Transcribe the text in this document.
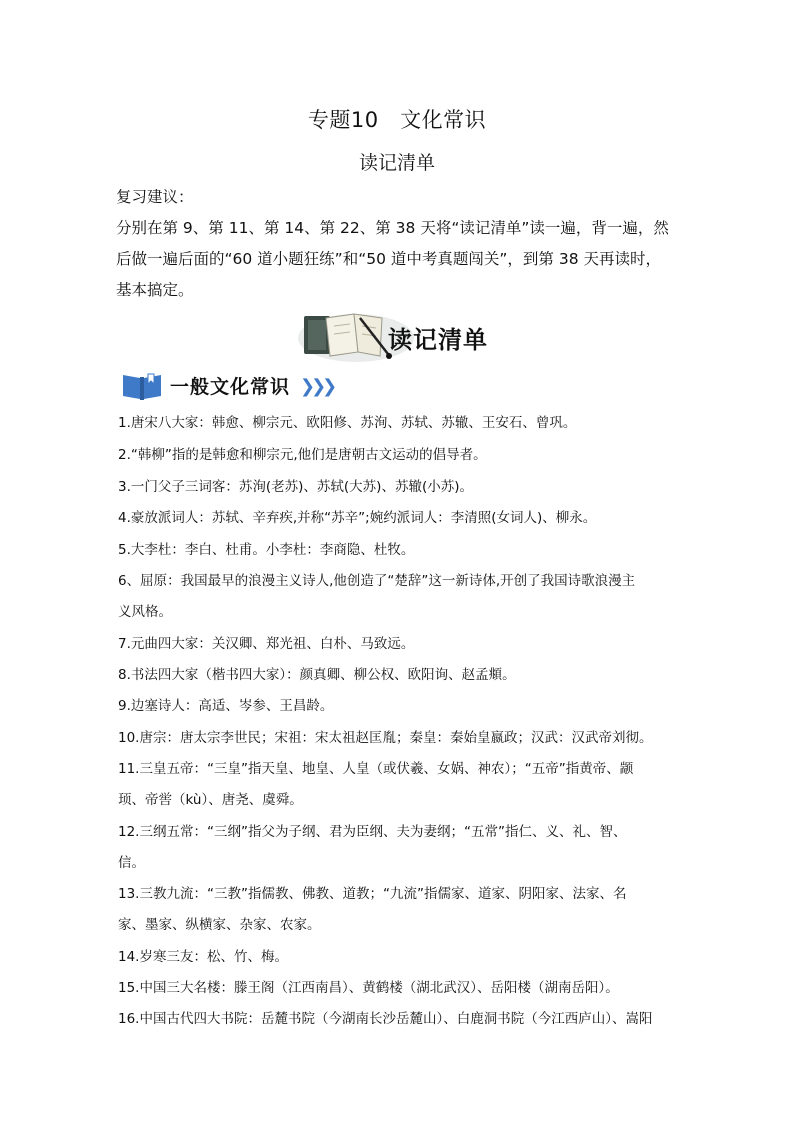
专题10　文化常识
读记清单
复习建议：
分别在第 9、第 11、第 14、第 22、第 38 天将“读记清单”读一遍，背一遍，然
后做一遍后面的“60 道小题狂练”和“50 道中考真题闯关”，到第 38 天再读时，
基本搞定。
读记清单
一般文化常识 ❯❯❯
1.唐宋八大家：韩愈、柳宗元、欧阳修、苏洵、苏轼、苏辙、王安石、曾巩。
2.“韩柳”指的是韩愈和柳宗元,他们是唐朝古文运动的倡导者。
3.一门父子三词客：苏洵(老苏)、苏轼(大苏)、苏辙(小苏)。
4.豪放派词人：苏轼、辛弃疾,并称“苏辛”;婉约派词人：李清照(女词人)、柳永。
5.大李杜：李白、杜甫。小李杜：李商隐、杜牧。
6、屈原：我国最早的浪漫主义诗人,他创造了“楚辞”这一新诗体,开创了我国诗歌浪漫主
义风格。
7.元曲四大家：关汉卿、郑光祖、白朴、马致远。
8.书法四大家（楷书四大家）：颜真卿、柳公权、欧阳询、赵孟頫。
9.边塞诗人：高适、岑参、王昌龄。
10.唐宗：唐太宗李世民；宋祖：宋太祖赵匡胤；秦皇：秦始皇嬴政；汉武：汉武帝刘彻。
11.三皇五帝：“三皇”指天皇、地皇、人皇（或伏羲、女娲、神农）；“五帝”指黄帝、颛
顼、帝喾（kù）、唐尧、虞舜。
12.三纲五常：“三纲”指父为子纲、君为臣纲、夫为妻纲；“五常”指仁、义、礼、智、
信。
13.三教九流：“三教”指儒教、佛教、道教；“九流”指儒家、道家、阴阳家、法家、名
家、墨家、纵横家、杂家、农家。
14.岁寒三友：松、竹、梅。
15.中国三大名楼：滕王阁（江西南昌）、黄鹤楼（湖北武汉）、岳阳楼（湖南岳阳）。
16.中国古代四大书院：岳麓书院（今湖南长沙岳麓山）、白鹿洞书院（今江西庐山）、嵩阳
